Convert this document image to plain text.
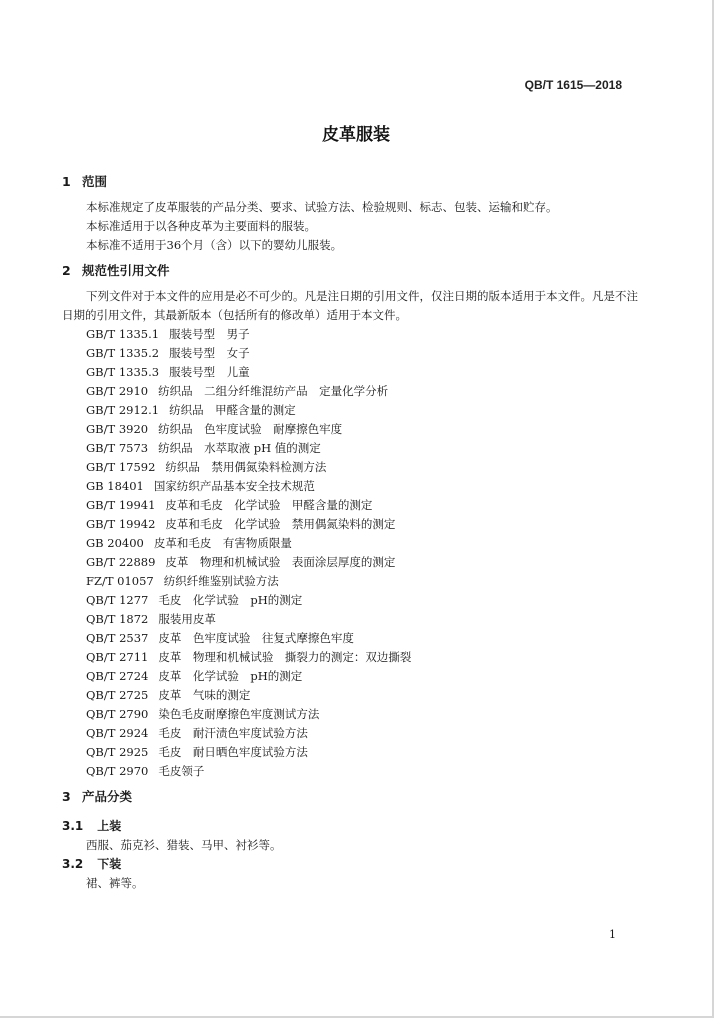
QB/T 1615—2018
皮革服装
1 范围

本标准规定了皮革服装的产品分类、要求、试验方法、检验规则、标志、包装、运输和贮存。

本标准适用于以各种皮革为主要面料的服装。

本标准不适用于36个月（含）以下的婴幼儿服装。

2 规范性引用文件

下列文件对于本文件的应用是必不可少的。凡是注日期的引用文件，仅注日期的版本适用于本文件。凡是不注日期的引用文件，其最新版本（包括所有的修改单）适用于本文件。

GB/T 1335.1 服装号型　男子
GB/T 1335.2 服装号型　女子
GB/T 1335.3 服装号型　儿童
GB/T 2910 纺织品　二组分纤维混纺产品　定量化学分析
GB/T 2912.1 纺织品　甲醛含量的测定
GB/T 3920 纺织品　色牢度试验　耐摩擦色牢度
GB/T 7573 纺织品　水萃取液 pH 值的测定
GB/T 17592 纺织品　禁用偶氮染料检测方法
GB 18401 国家纺织产品基本安全技术规范
GB/T 19941 皮革和毛皮　化学试验　甲醛含量的测定
GB/T 19942 皮革和毛皮　化学试验　禁用偶氮染料的测定
GB 20400 皮革和毛皮　有害物质限量
GB/T 22889 皮革　物理和机械试验　表面涂层厚度的测定
FZ/T 01057 纺织纤维鉴别试验方法
QB/T 1277 毛皮　化学试验　pH的测定
QB/T 1872 服装用皮革
QB/T 2537 皮革　色牢度试验　往复式摩擦色牢度
QB/T 2711 皮革　物理和机械试验　撕裂力的测定：双边撕裂
QB/T 2724 皮革　化学试验　pH的测定
QB/T 2725 皮革　气味的测定
QB/T 2790 染色毛皮耐摩擦色牢度测试方法
QB/T 2924 毛皮　耐汗渍色牢度试验方法
QB/T 2925 毛皮　耐日晒色牢度试验方法
QB/T 2970 毛皮领子
3 产品分类
3.1 上装

西服、茄克衫、猎装、马甲、衬衫等。

3.2 下装

裙、裤等。

1
